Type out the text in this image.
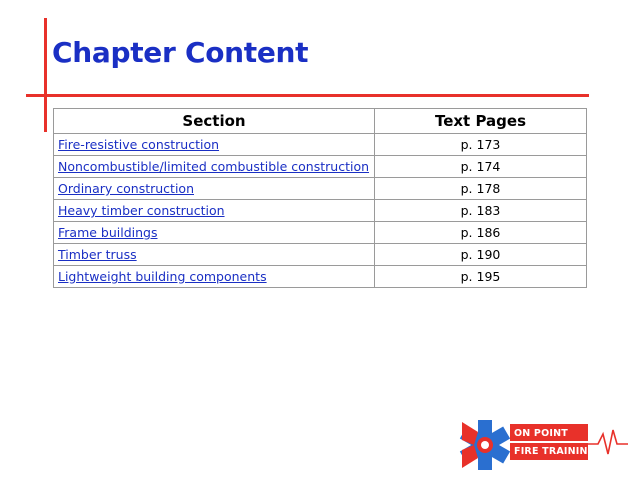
Chapter Content
Section	Text Pages
Fire-resistive construction	p. 173
Noncombustible/limited combustible construction	p. 174
Ordinary construction	p. 178
Heavy timber construction	p. 183
Frame buildings	p. 186
Timber truss	p. 190
Lightweight building components	p. 195
ON POINT
FIRE TRAINING
